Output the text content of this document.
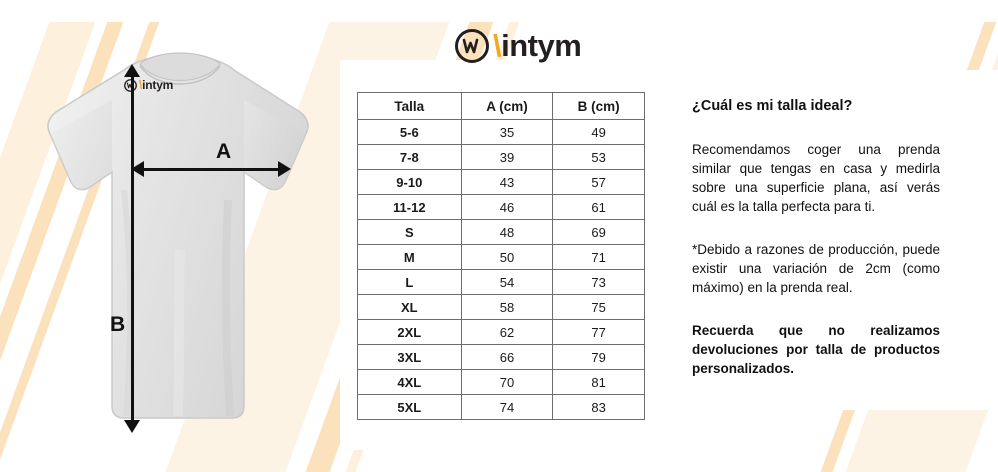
\intym
\intym
A
B
Talla	A (cm)	B (cm)
5-6	35	49
7-8	39	53
9-10	43	57
11-12	46	61
S	48	69
M	50	71
L	54	73
XL	58	75
2XL	62	77
3XL	66	79
4XL	70	81
5XL	74	83
¿Cuál es mi talla ideal?

Recomendamos coger una prenda similar que tengas en casa y medirla sobre una superficie plana, así verás cuál es la talla perfecta para ti.

*Debido a razones de producción, puede existir una variación de 2cm (como máximo) en la prenda real.

Recuerda que no realizamos devoluciones por talla de productos personalizados.
